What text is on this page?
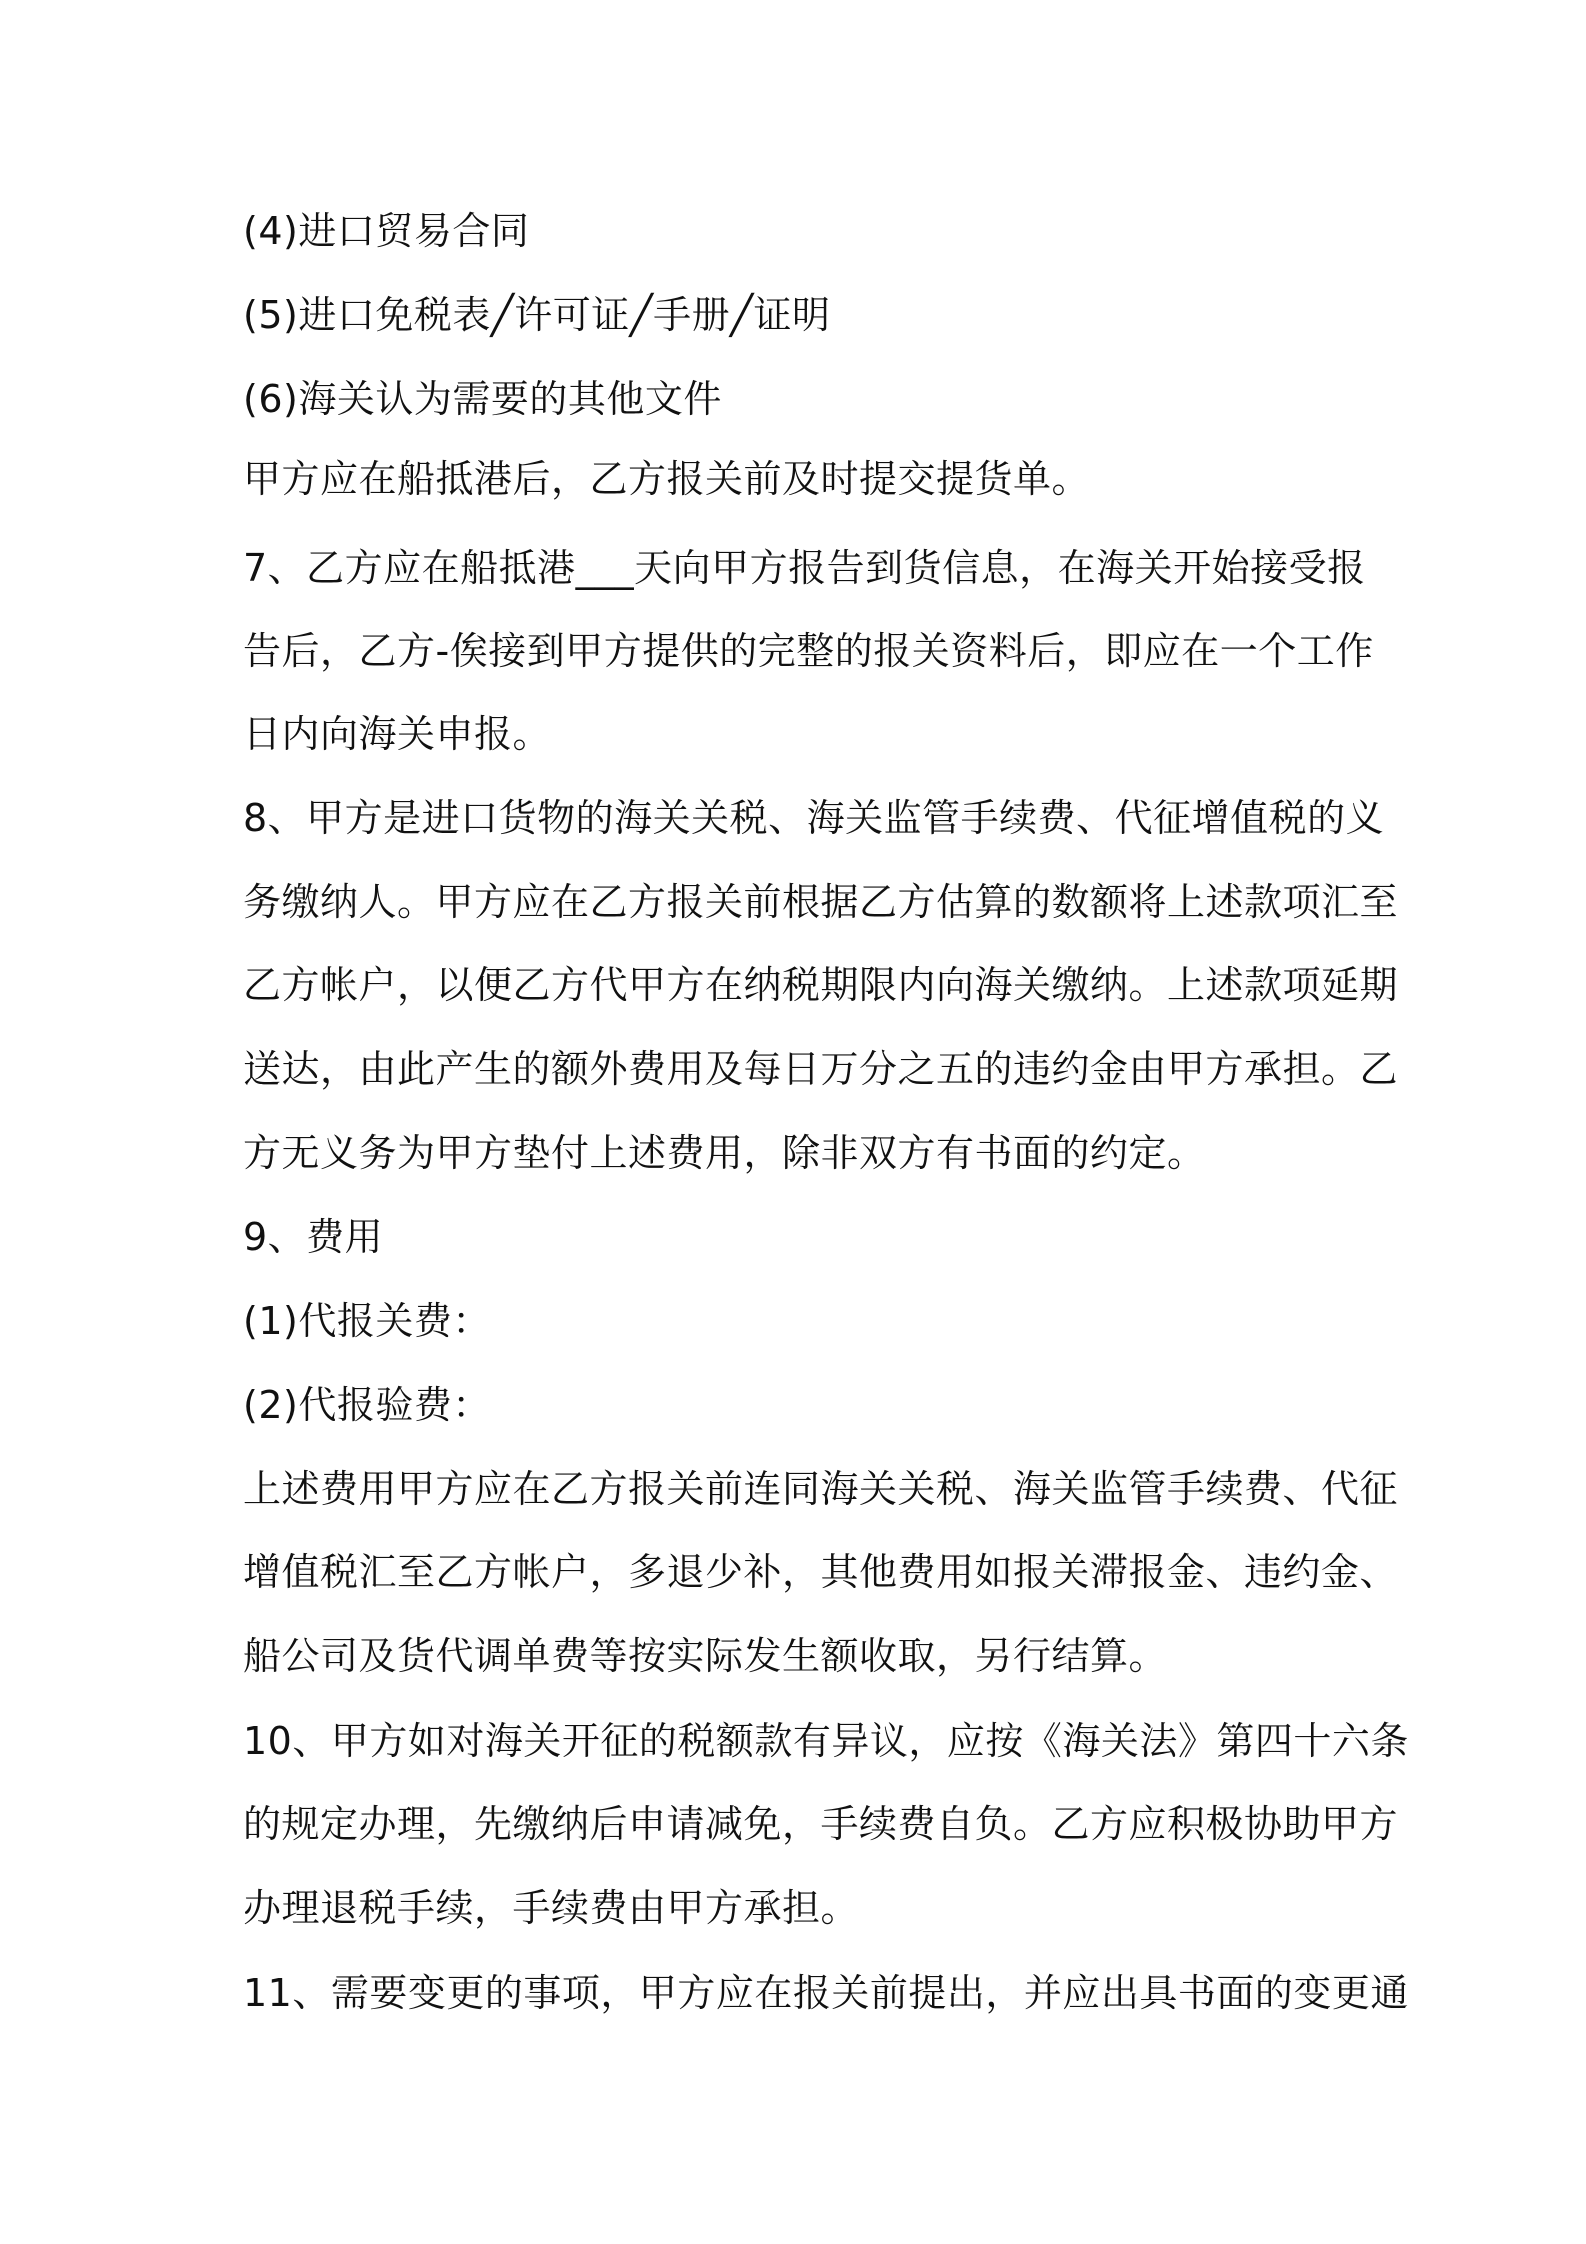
(4)进口贸易合同
(5)进口免税表╱许可证╱手册╱证明
(6)海关认为需要的其他文件
甲方应在船抵港后，乙方报关前及时提交提货单。
7、乙方应在船抵港___天向甲方报告到货信息，在海关开始接受报
告后，乙方-俟接到甲方提供的完整的报关资料后，即应在一个工作
日内向海关申报。
8、甲方是进口货物的海关关税、海关监管手续费、代征增值税的义
务缴纳人。甲方应在乙方报关前根据乙方估算的数额将上述款项汇至
乙方帐户，以便乙方代甲方在纳税期限内向海关缴纳。上述款项延期
送达，由此产生的额外费用及每日万分之五的违约金由甲方承担。乙
方无义务为甲方垫付上述费用，除非双方有书面的约定。
9、费用
(1)代报关费：
(2)代报验费：
上述费用甲方应在乙方报关前连同海关关税、海关监管手续费、代征
增值税汇至乙方帐户，多退少补，其他费用如报关滞报金、违约金、
船公司及货代调单费等按实际发生额收取，另行结算。
10、甲方如对海关开征的税额款有异议，应按《海关法》第四十六条
的规定办理，先缴纳后申请减免，手续费自负。乙方应积极协助甲方
办理退税手续，手续费由甲方承担。
11、需要变更的事项，甲方应在报关前提出，并应出具书面的变更通
